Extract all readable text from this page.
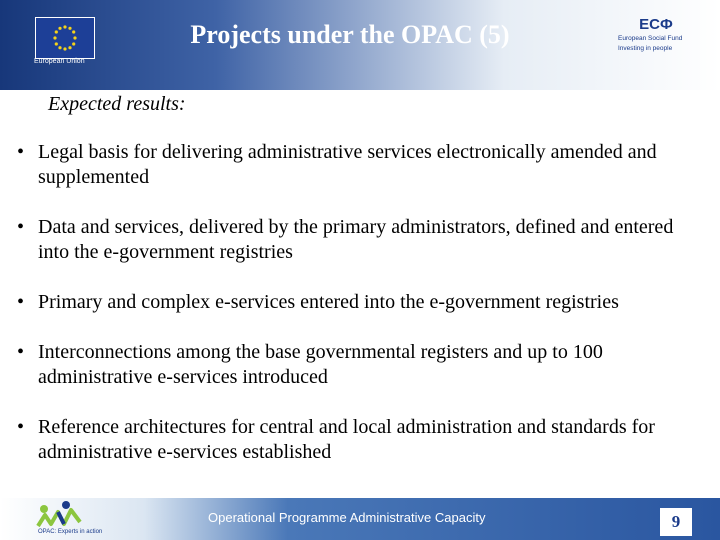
European Union
Projects under the OPAC (5)	ЕСФ
European Social Fund
Investing in people
Expected results:
• Legal basis for delivering administrative services electronically amended and supplemented
• Data and services, delivered by the primary administrators, defined and entered into the e-government registries
• Primary and complex e-services entered into the e-government registries
• Interconnections among the base governmental registers and up to 100 administrative e-services introduced
• Reference architectures for central and local administration and standards for administrative e-services established
OPAC: Experts in action
Operational Programme Administrative Capacity	9
